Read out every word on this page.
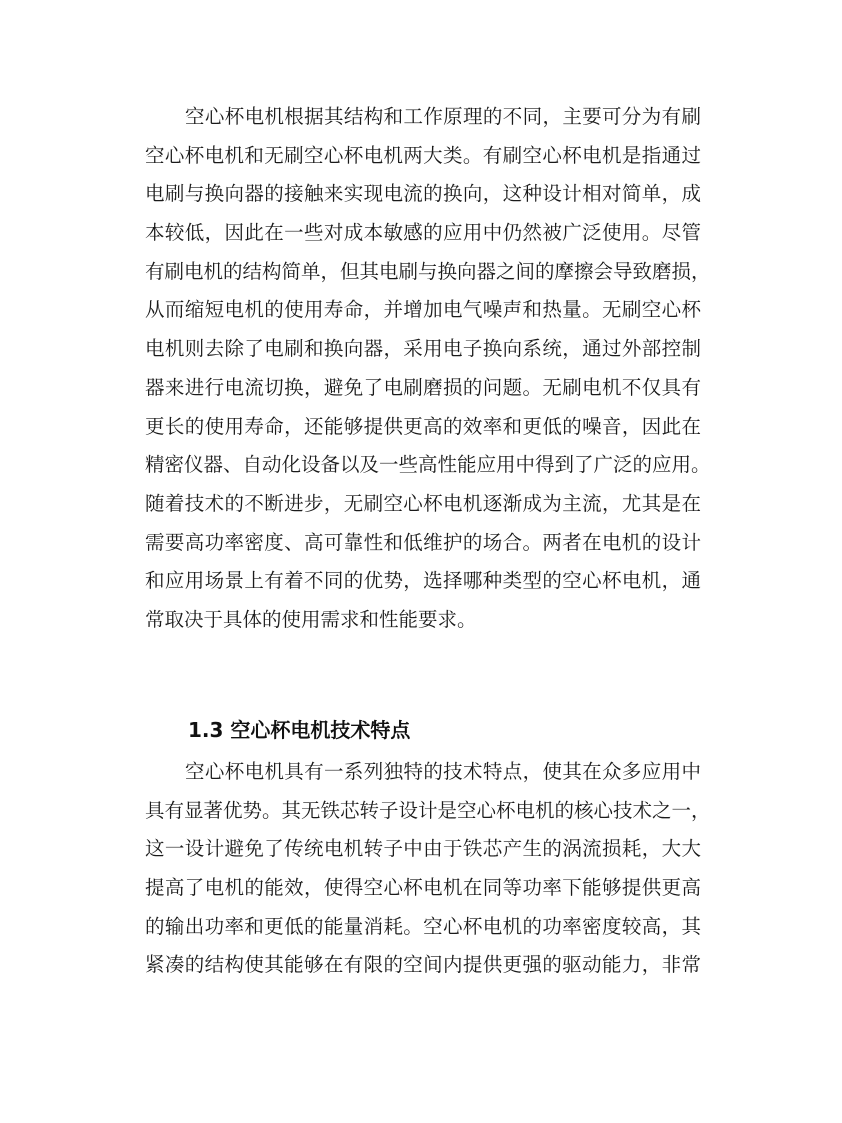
空心杯电机根据其结构和工作原理的不同，主要可分为有刷
空心杯电机和无刷空心杯电机两大类。有刷空心杯电机是指通过
电刷与换向器的接触来实现电流的换向，这种设计相对简单，成
本较低，因此在一些对成本敏感的应用中仍然被广泛使用。尽管
有刷电机的结构简单，但其电刷与换向器之间的摩擦会导致磨损，
从而缩短电机的使用寿命，并增加电气噪声和热量。无刷空心杯
电机则去除了电刷和换向器，采用电子换向系统，通过外部控制
器来进行电流切换，避免了电刷磨损的问题。无刷电机不仅具有
更长的使用寿命，还能够提供更高的效率和更低的噪音，因此在
精密仪器、自动化设备以及一些高性能应用中得到了广泛的应用。
随着技术的不断进步，无刷空心杯电机逐渐成为主流，尤其是在
需要高功率密度、高可靠性和低维护的场合。两者在电机的设计
和应用场景上有着不同的优势，选择哪种类型的空心杯电机，通
常取决于具体的使用需求和性能要求。
1.3 空心杯电机技术特点
空心杯电机具有一系列独特的技术特点，使其在众多应用中
具有显著优势。其无铁芯转子设计是空心杯电机的核心技术之一，
这一设计避免了传统电机转子中由于铁芯产生的涡流损耗，大大
提高了电机的能效，使得空心杯电机在同等功率下能够提供更高
的输出功率和更低的能量消耗。空心杯电机的功率密度较高，其
紧凑的结构使其能够在有限的空间内提供更强的驱动能力，非常
